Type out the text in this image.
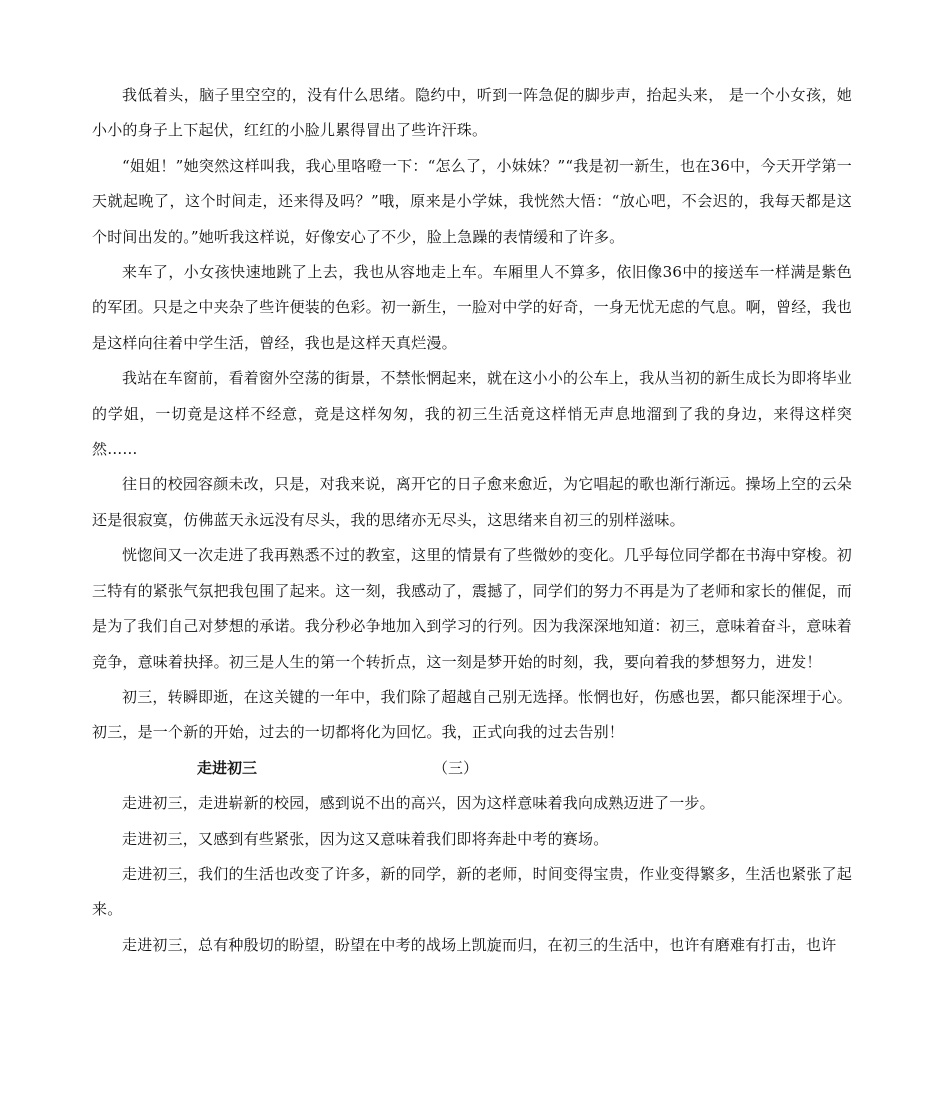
我低着头，脑子里空空的，没有什么思绪。隐约中，听到一阵急促的脚步声，抬起头来， 是一个小女孩，她小小的身子上下起伏，红红的小脸儿累得冒出了些许汗珠。

“姐姐！”她突然这样叫我，我心里咯噔一下：“怎么了，小妹妹？”“我是初一新生，也在36中，今天开学第一天就起晚了，这个时间走，还来得及吗？”哦，原来是小学妹，我恍然大悟：“放心吧，不会迟的，我每天都是这个时间出发的。”她听我这样说，好像安心了不少，脸上急躁的表情缓和了许多。

来车了，小女孩快速地跳了上去，我也从容地走上车。车厢里人不算多，依旧像36中的接送车一样满是紫色的军团。只是之中夹杂了些许便装的色彩。初一新生，一脸对中学的好奇，一身无忧无虑的气息。啊，曾经，我也是这样向往着中学生活，曾经，我也是这样天真烂漫。

我站在车窗前，看着窗外空荡的街景，不禁怅惘起来，就在这小小的公车上，我从当初的新生成长为即将毕业的学姐，一切竟是这样不经意，竟是这样匆匆，我的初三生活竟这样悄无声息地溜到了我的身边，来得这样突然……

往日的校园容颜未改，只是，对我来说，离开它的日子愈来愈近，为它唱起的歌也渐行渐远。操场上空的云朵还是很寂寞，仿佛蓝天永远没有尽头，我的思绪亦无尽头，这思绪来自初三的别样滋味。

恍惚间又一次走进了我再熟悉不过的教室，这里的情景有了些微妙的变化。几乎每位同学都在书海中穿梭。初三特有的紧张气氛把我包围了起来。这一刻，我感动了，震撼了，同学们的努力不再是为了老师和家长的催促，而是为了我们自己对梦想的承诺。我分秒必争地加入到学习的行列。因为我深深地知道：初三，意味着奋斗，意味着竞争，意味着抉择。初三是人生的第一个转折点，这一刻是梦开始的时刻，我，要向着我的梦想努力，进发！

初三，转瞬即逝，在这关键的一年中，我们除了超越自己别无选择。怅惘也好，伤感也罢，都只能深埋于心。初三，是一个新的开始，过去的一切都将化为回忆。我，正式向我的过去告别！

走进初三	（三）

走进初三，走进崭新的校园，感到说不出的高兴，因为这样意味着我向成熟迈进了一步。

走进初三，又感到有些紧张，因为这又意味着我们即将奔赴中考的赛场。

走进初三，我们的生活也改变了许多，新的同学，新的老师，时间变得宝贵，作业变得繁多，生活也紧张了起来。

走进初三，总有种殷切的盼望，盼望在中考的战场上凯旋而归，在初三的生活中，也许有磨难有打击，也许
